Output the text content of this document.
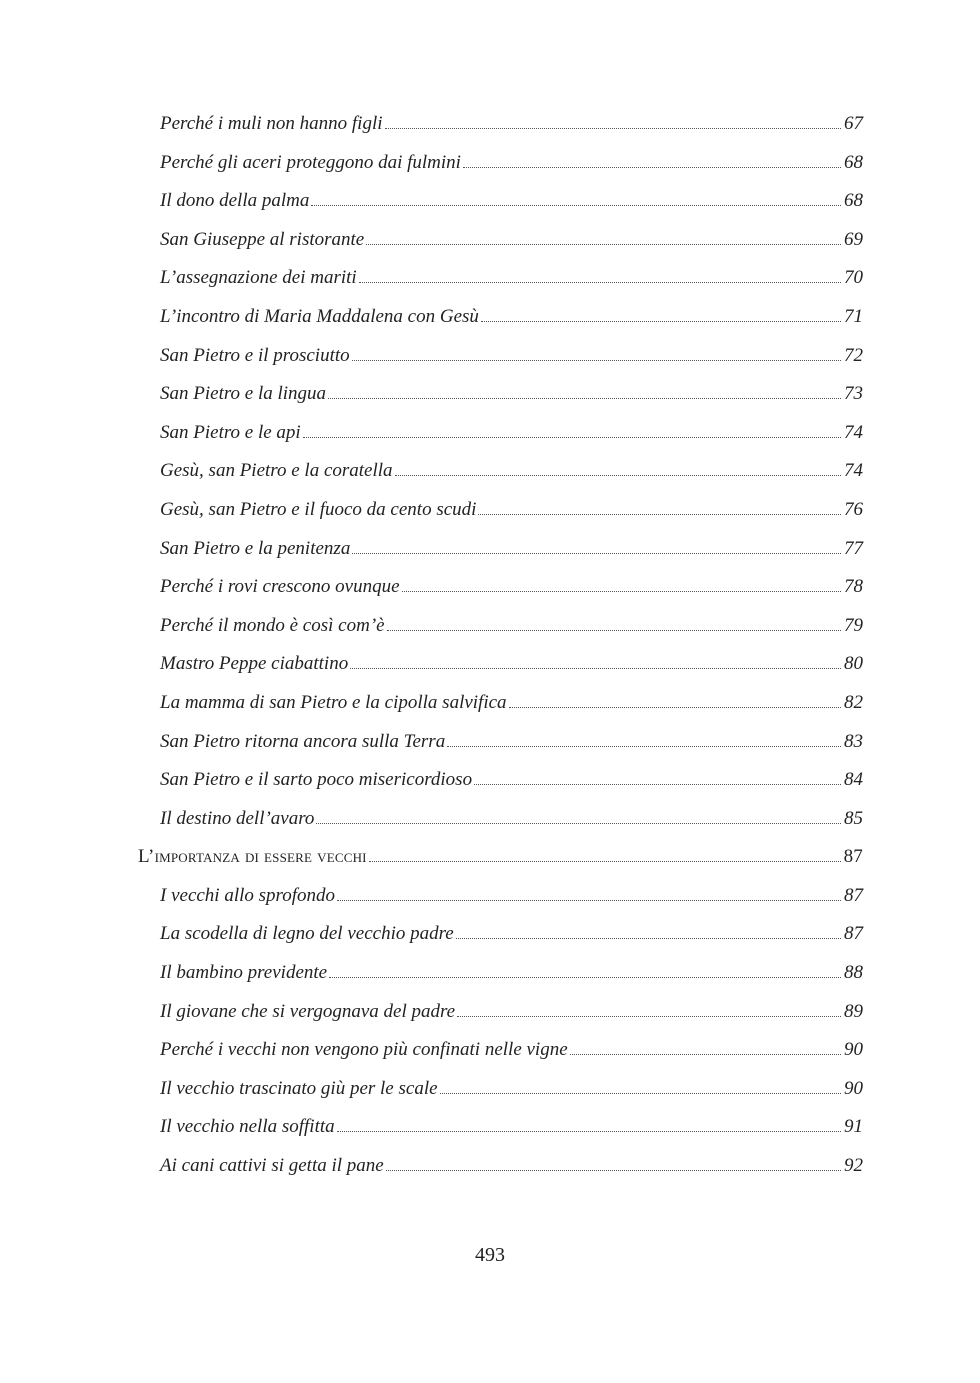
Perché i muli non hanno figli	67
Perché gli aceri proteggono dai fulmini	68
Il dono della palma	68
San Giuseppe al ristorante	69
L’assegnazione dei mariti	70
L’incontro di Maria Maddalena con Gesù	71
San Pietro e il prosciutto	72
San Pietro e la lingua	73
San Pietro e le api	74
Gesù, san Pietro e la coratella	74
Gesù, san Pietro e il fuoco da cento scudi	76
San Pietro e la penitenza	77
Perché i rovi crescono ovunque	78
Perché il mondo è così com’è	79
Mastro Peppe ciabattino	80
La mamma di san Pietro e la cipolla salvifica	82
San Pietro ritorna ancora sulla Terra	83
San Pietro e il sarto poco misericordioso	84
Il destino dell’avaro	85
L’importanza di essere vecchi	87
I vecchi allo sprofondo	87
La scodella di legno del vecchio padre	87
Il bambino previdente	88
Il giovane che si vergognava del padre	89
Perché i vecchi non vengono più confinati nelle vigne	90
Il vecchio trascinato giù per le scale	90
Il vecchio nella soffitta	91
Ai cani cattivi si getta il pane	92
493
